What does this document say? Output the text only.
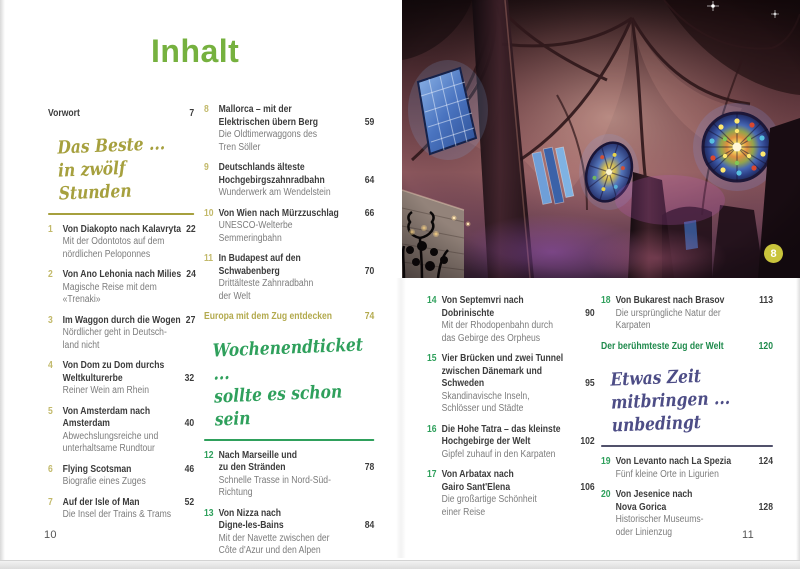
Inhalt
Vorwort	7
Das Beste ...
in zwölf Stunden
1 Von Diakopto nach Kalavryta 22
Mit der Odontotos auf dem
nördlichen Peloponnes
2 Von Ano Lehonia nach Milies 24
Magische Reise mit dem
«Trenaki»
3 Im Waggon durch die Wogen 27
Nördlicher geht in Deutsch-
land nicht
4 Von Dom zu Dom durchs
Weltkulturerbe	32
Reiner Wein am Rhein
5 Von Amsterdam nach
Amsterdam	40
Abwechslungsreiche und
unterhaltsame Rundtour
6 Flying Scotsman	46
Biografie eines Zuges
7 Auf der Isle of Man	52
Die Insel der Trains & Trams
8 Mallorca – mit der
Elektrischen übern Berg	59
Die Oldtimerwaggons des
Tren Söller
9 Deutschlands älteste
Hochgebirgszahnradbahn	64
Wunderwerk am Wendelstein
10 Von Wien nach Mürzzuschlag	66
UNESCO-Welterbe
Semmeringbahn
11 In Budapest auf den
Schwabenberg	70
Drittälteste Zahnradbahn
der Welt
Europa mit dem Zug entdecken	74
Wochenendticket ...
sollte es schon sein
12 Nach Marseille und
zu den Stränden	78
Schnelle Trasse in Nord-Süd-
Richtung
13 Von Nizza nach
Digne-les-Bains	84
Mit der Navette zwischen der
Côte d'Azur und den Alpen
14 Von Septemvri nach
Dobrinischte	90
Mit der Rhodopenbahn durch
das Gebirge des Orpheus
15 Vier Brücken und zwei Tunnel
zwischen Dänemark und
Schweden	95
Skandinavische Inseln,
Schlösser und Städte
16 Die Hohe Tatra – das kleinste
Hochgebirge der Welt	102
Gipfel zuhauf in den Karpaten
17 Von Arbatax nach
Gairo Sant'Elena	106
Die großartige Schönheit
einer Reise
18 Von Bukarest nach Brasov	113
Die ursprüngliche Natur der
Karpaten
Der berühmteste Zug der Welt	120
Etwas Zeit mitbringen ...
unbedingt
19 Von Levanto nach La Spezia	124
Fünf kleine Orte in Ligurien
20 Von Jesenice nach
Nova Gorica	128
Historischer Museums-
oder Linienzug
8
10	11
